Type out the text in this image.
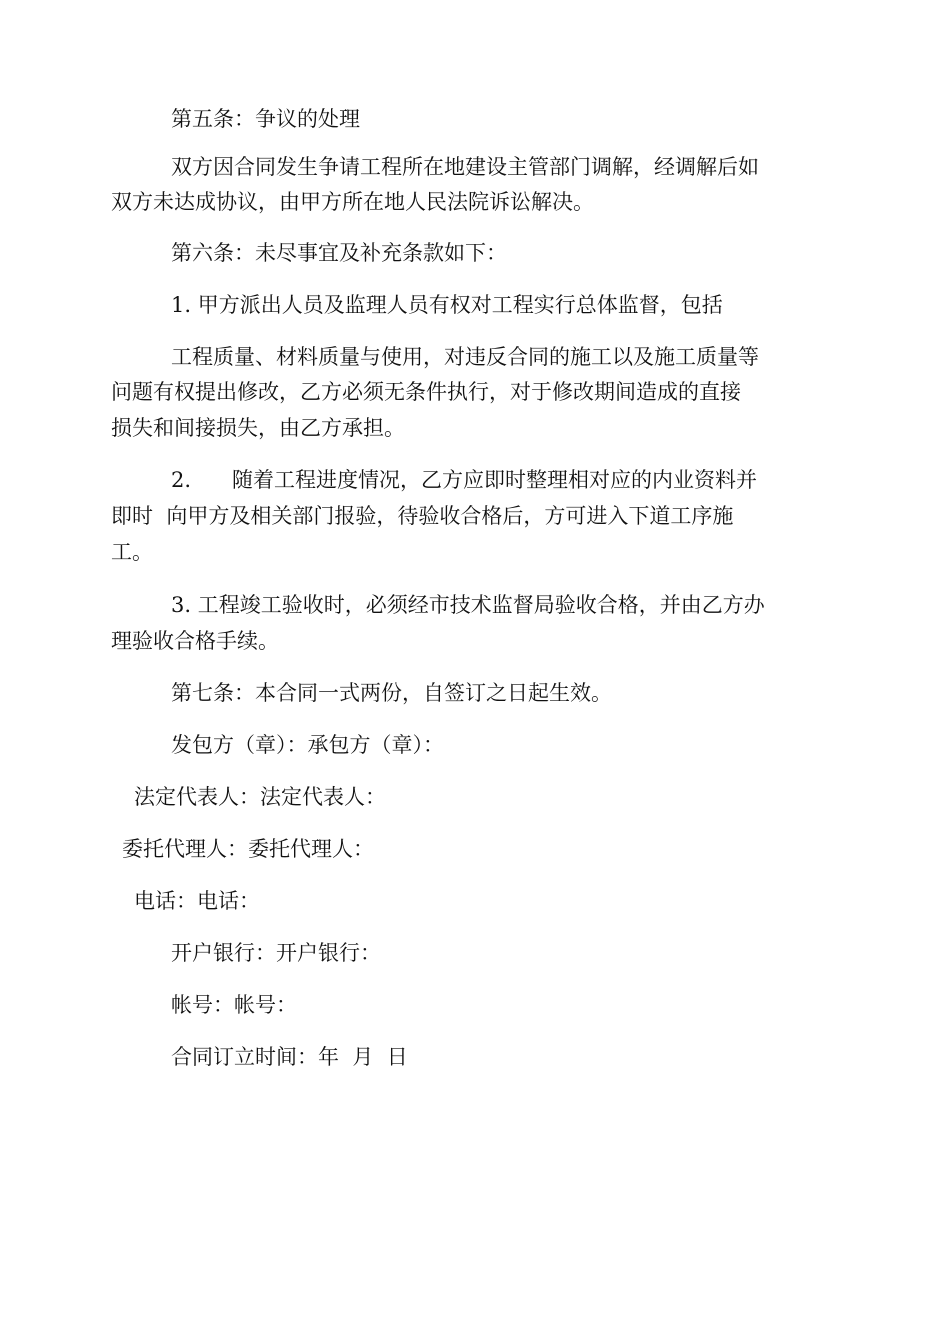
第五条：争议的处理
双方因合同发生争请工程所在地建设主管部门调解，经调解后如
双方未达成协议，由甲方所在地人民法院诉讼解决。
第六条：未尽事宜及补充条款如下：
1. 甲方派出人员及监理人员有权对工程实行总体监督，包括
工程质量、材料质量与使用，对违反合同的施工以及施工质量等
问题有权提出修改，乙方必须无条件执行，对于修改期间造成的直接
损失和间接损失，由乙方承担。
2. 随着工程进度情况，乙方应即时整理相对应的内业资料并
即时  向甲方及相关部门报验，待验收合格后，方可进入下道工序施
工。
3. 工程竣工验收时，必须经市技术监督局验收合格，并由乙方办
理验收合格手续。
第七条：本合同一式两份，自签订之日起生效。
发包方（章）：承包方（章）：
法定代表人：法定代表人：
委托代理人：委托代理人：
电话：电话：
开户银行：开户银行：
帐号：帐号：
合同订立时间：年  月  日
